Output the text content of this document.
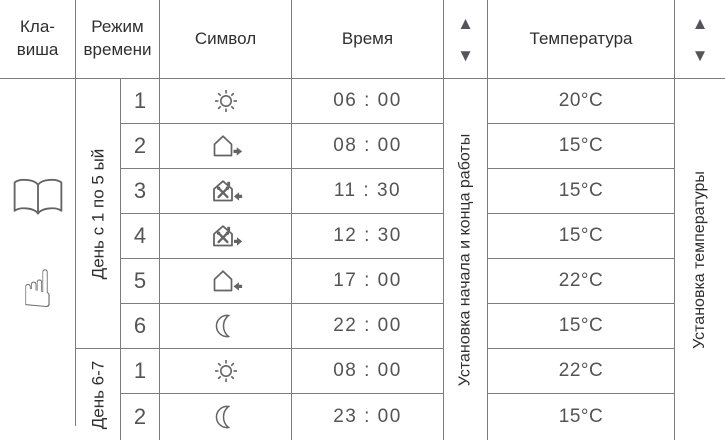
Кла-
виша
Режим
времени
Символ	Время
▲
▼
Температура
▲
▼
☝
День с 1 по 5 ый
День 6-7
1
2
3
4
5
6
1
2
06 : 00
08 : 00
11 : 30
12 : 30
17 : 00
22 : 00
08 : 00
23 : 00
Установка начала и конца работы
20°C
15°C
15°C
15°C
22°C
15°C
22°C
15°C
Установка температуры
